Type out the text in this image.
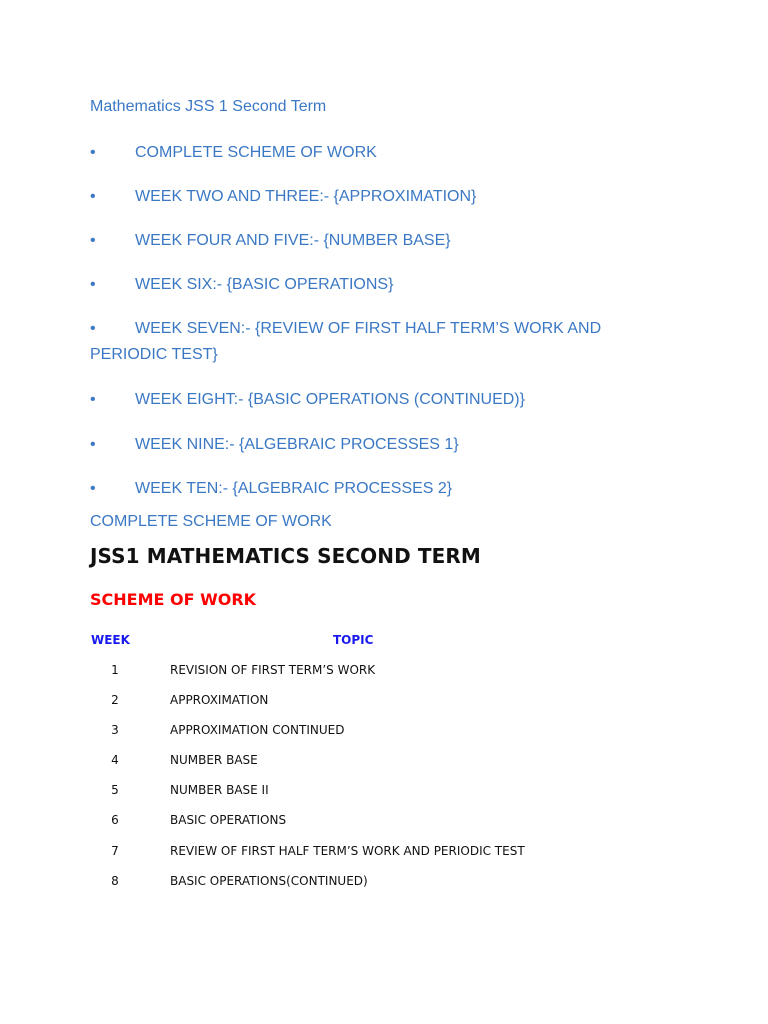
Mathematics JSS 1 Second Term
• COMPLETE SCHEME OF WORK
• WEEK TWO AND THREE:- {APPROXIMATION}
• WEEK FOUR AND FIVE:- {NUMBER BASE}
• WEEK SIX:- {BASIC OPERATIONS}
• WEEK SEVEN:- {REVIEW OF FIRST HALF TERM’S WORK AND PERIODIC TEST}
• WEEK EIGHT:- {BASIC OPERATIONS (CONTINUED)}
• WEEK NINE:- {ALGEBRAIC PROCESSES 1}
• WEEK TEN:- {ALGEBRAIC PROCESSES 2}
COMPLETE SCHEME OF WORK
JSS1 MATHEMATICS SECOND TERM
SCHEME OF WORK
WEEK	TOPIC
1	REVISION OF FIRST TERM’S WORK
2	APPROXIMATION
3	APPROXIMATION CONTINUED
4	NUMBER BASE
5	NUMBER BASE II
6	BASIC OPERATIONS
7	REVIEW OF FIRST HALF TERM’S WORK AND PERIODIC TEST
8	BASIC OPERATIONS(CONTINUED)
